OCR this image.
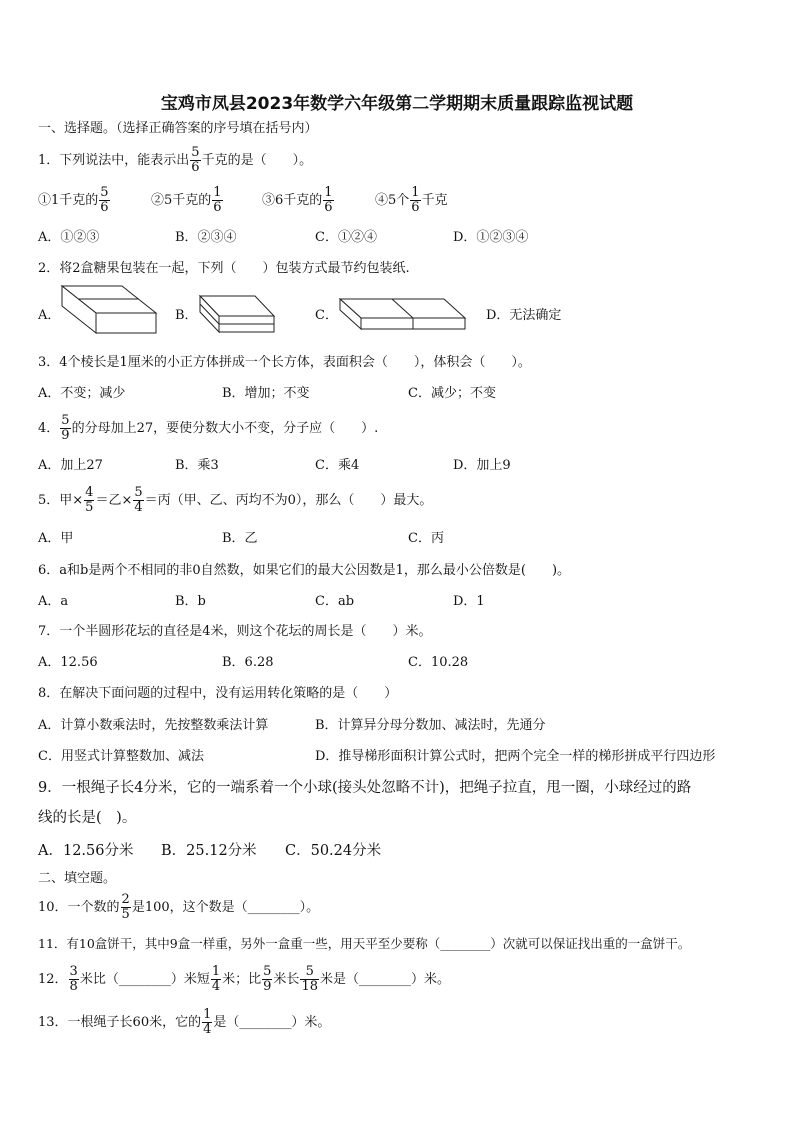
宝鸡市凤县2023年数学六年级第二学期期末质量跟踪监视试题
一、选择题。（选择正确答案的序号填在括号内）
1．下列说法中，能表示出 $\frac{5}{6}$ 千克的是（　　）。
①1千克的 $\frac{5}{6}$	②5千克的 $\frac{1}{6}$	③6千克的 $\frac{1}{6}$	④5个 $\frac{1}{6}$ 千克
A．①②③	B．②③④	C．①②④	D．①②③④
2．将2盒糖果包装在一起，下列（　　）包装方式最节约包装纸.
A．	B．	C．	D．无法确定
3．4个棱长是1厘米的小正方体拼成一个长方体，表面积会（　　），体积会（　　）。
A．不变；减少	B．增加；不变	C．减少；不变
4． $\frac{5}{9}$ 的分母加上27，要使分数大小不变，分子应（　　）.
A．加上27	B．乘3	C．乘4	D．加上9
5．甲× $\frac{4}{5}$ ＝乙× $\frac{5}{4}$ ＝丙（甲、乙、丙均不为0），那么（　　）最大。
A．甲	B．乙	C．丙
6．a和b是两个不相同的非0自然数，如果它们的最大公因数是1，那么最小公倍数是(　　)。
A．a	B．b	C．ab	D．1
7．一个半圆形花坛的直径是4米，则这个花坛的周长是（　　）米。
A．12.56	B．6.28	C．10.28
8．在解决下面问题的过程中，没有运用转化策略的是（　　）
A．计算小数乘法时，先按整数乘法计算	B．计算异分母分数加、减法时，先通分
C．用竖式计算整数加、减法	D．推导梯形面积计算公式时，把两个完全一样的梯形拼成平行四边形
9．一根绳子长4分米，它的一端系着一个小球(接头处忽略不计)，把绳子拉直，甩一圈，小球经过的路
线的长是(　)。
A．12.56分米 B．25.12分米 C．50.24分米
二、填空题。
10．一个数的 $\frac{2}{5}$ 是100，这个数是（________）。
11．有10盒饼干，其中9盒一样重，另外一盒重一些，用天平至少要称（________）次就可以保证找出重的一盒饼干。
12． $\frac{3}{8}$ 米比（________）米短 $\frac{1}{4}$ 米；比 $\frac{5}{9}$ 米长 $\frac{5}{18}$ 米是（________）米。
13．一根绳子长60米，它的 $\frac{1}{4}$ 是（________）米。
